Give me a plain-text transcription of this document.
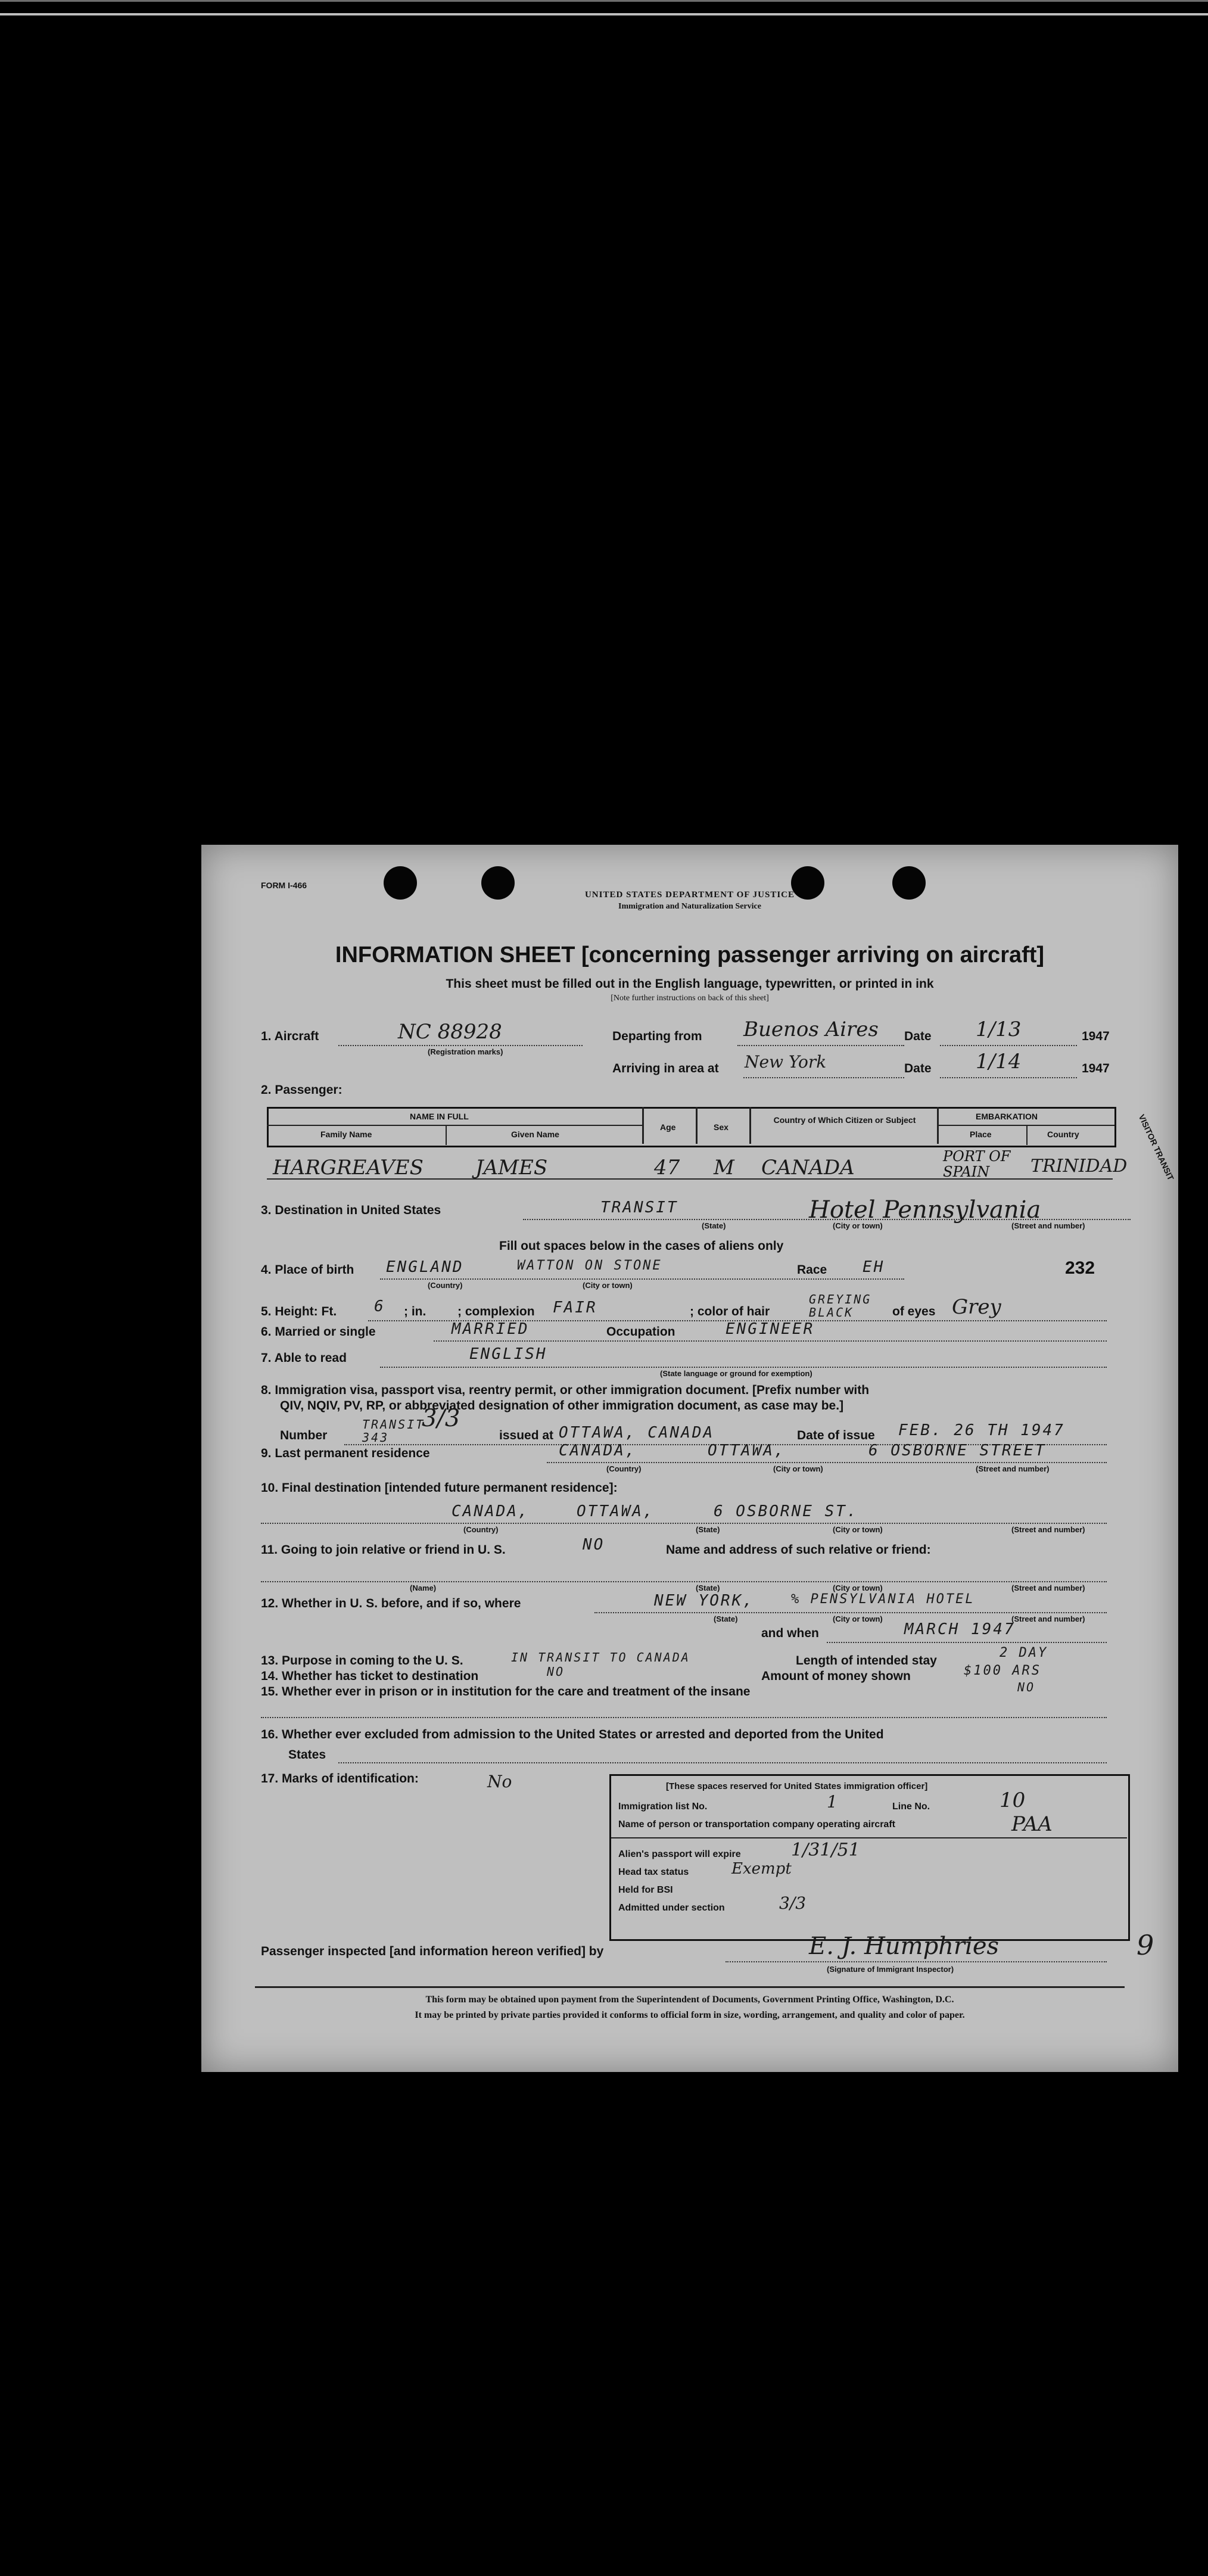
FORM I-466
UNITED STATES DEPARTMENT OF JUSTICE
Immigration and Naturalization Service
INFORMATION SHEET [concerning passenger arriving on aircraft]
This sheet must be filled out in the English language, typewritten, or printed in ink
[Note further instructions on back of this sheet]
1. Aircraft	NC 88928
(Registration marks)
Departing from Buenos Aires Date 1/13	1947
Arriving in area at New York	Date 1/14	1947
2. Passenger:
NAME IN FULL
Family Name	Given Name
Age	Sex
Country of Which Citizen or Subject	EMBARKATION
Place	Country
HARGREAVES	JAMES	47 M CANADA	PORT OF SPAIN	TRINIDAD VISITOR TRANSIT
3. Destination in United States	TRANSIT	Hotel Pennsylvania
(State)	(City or town)	(Street and number)
Fill out spaces below in the cases of aliens only
4. Place of birth ENGLAND	WATTON ON STONE	Race EH	232
(Country)	(City or town)
5. Height: Ft. 6 ; in.	; complexion FAIR	; color of hair
GREYING BLACK	of eyes Grey
6. Married or single	MARRIED	Occupation	ENGINEER
7. Able to read	ENGLISH
(State language or ground for exemption)
8. Immigration visa, passport visa, reentry permit, or other immigration document. [Prefix number with
QIV, NQIV, PV, RP, or abbreviated designation of other immigration document, as case may be.]
Number
TRANSIT 343
3/3
issued at OTTAWA, CANADA	Date of issue FEB. 26 TH 1947
9. Last permanent residence	CANADA,	OTTAWA,	6 OSBORNE STREET
(Country)	(City or town)	(Street and number)
10. Final destination [intended future permanent residence]:
CANADA,	OTTAWA,	6 OSBORNE ST.
(Country)	(State)	(City or town)	(Street and number)
11. Going to join relative or friend in U. S.	NO	Name and address of such relative or friend:
(Name)	(State)	(City or town)	(Street and number)
12. Whether in U. S. before, and if so, where	NEW YORK,	% PENSYLVANIA HOTEL
(State)	(City or town)	(Street and number)
and when	MARCH 1947
13. Purpose in coming to the U. S.	IN TRANSIT TO CANADA	Length of intended stay
2 DAY
14. Whether has ticket to destination	NO	Amount of money shown	$100 ARS
15. Whether ever in prison or in institution for the care and treatment of the insane	NO
16. Whether ever excluded from admission to the United States or arrested and deported from the United
States
17. Marks of identification:	No	[These spaces reserved for United States immigration officer]
Immigration list No.	1	Line No.	10
Name of person or transportation company operating aircraft	PAA
Alien's passport will expire	1/31/51
Head tax status	Exempt
Held for BSI
Admitted under section	3/3
Passenger inspected [and information hereon verified] by	E. J. Humphries
(Signature of Immigrant Inspector)
9
This form may be obtained upon payment from the Superintendent of Documents, Government Printing Office, Washington, D.C.
It may be printed by private parties provided it conforms to official form in size, wording, arrangement, and quality and color of paper.
